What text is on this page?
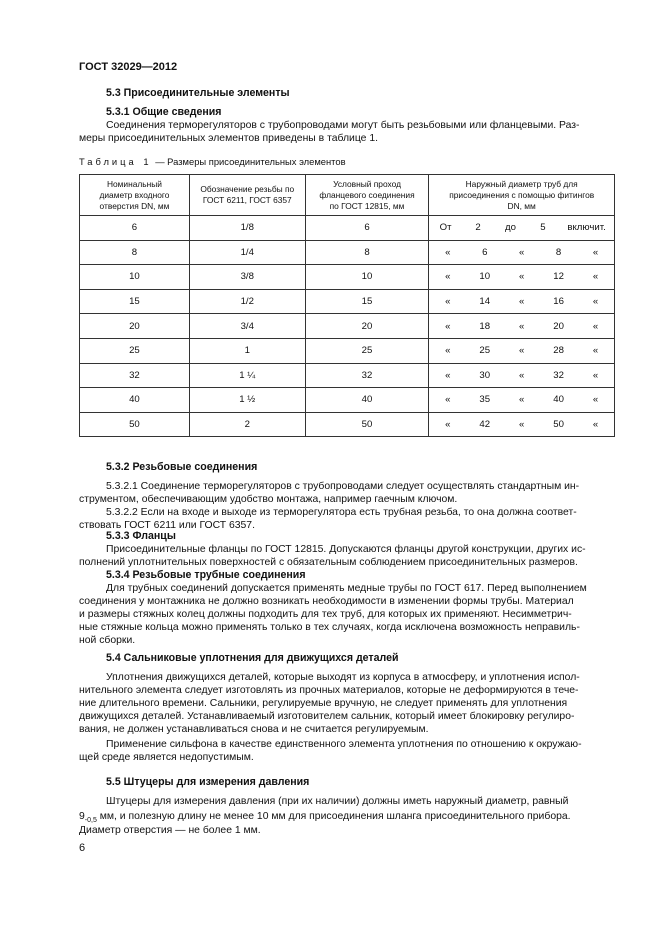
ГОСТ 32029—2012
5.3 Присоединительные элементы
5.3.1 Общие сведения
Соединения терморегуляторов с трубопроводами могут быть резьбовыми или фланцевыми. Раз-
меры присоединительных элементов приведены в таблице 1.
Таблица 1 — Размеры присоединительных элементов
Номинальный диаметр входного отверстия DN, мм	Обозначение резьбы по ГОСТ 6211, ГОСТ 6357	Условный проход фланцевого соединения по ГОСТ 12815, мм	Наружный диаметр труб для присоединения с помощью фитингов DN, мм
6	1/8	6	От 2 до 5 включит.

8	1/4	8	« 6 « 8 «

10	3/8	10	« 10 « 12 «

15	1/2	15	« 14 « 16 «

20	3/4	20	« 18 « 20 «

25	1	25	« 25 « 28 «

32	1 ¼	32	« 30 « 32 «

40	1 ½	40	« 35 « 40 «

50	2	50	« 42 « 50 «
5.3.2 Резьбовые соединения
5.3.2.1 Соединение терморегуляторов с трубопроводами следует осуществлять стандартным ин-
струментом, обеспечивающим удобство монтажа, например гаечным ключом.
5.3.2.2 Если на входе и выходе из терморегулятора есть трубная резьба, то она должна соответ-
ствовать ГОСТ 6211 или ГОСТ 6357.
5.3.3 Фланцы
Присоединительные фланцы по ГОСТ 12815. Допускаются фланцы другой конструкции, других ис-
полнений уплотнительных поверхностей с обязательным соблюдением присоединительных размеров.
5.3.4 Резьбовые трубные соединения
Для трубных соединений допускается применять медные трубы по ГОСТ 617. Перед выполнением
соединения у монтажника не должно возникать необходимости в изменении формы трубы. Материал
и размеры стяжных колец должны подходить для тех труб, для которых их применяют. Несимметрич-
ные стяжные кольца можно применять только в тех случаях, когда исключена возможность неправиль-
ной сборки.
5.4 Сальниковые уплотнения для движущихся деталей
Уплотнения движущихся деталей, которые выходят из корпуса в атмосферу, и уплотнения испол-
нительного элемента следует изготовлять из прочных материалов, которые не деформируются в тече-
ние длительного времени. Сальники, регулируемые вручную, не следует применять для уплотнения
движущихся деталей. Устанавливаемый изготовителем сальник, который имеет блокировку регулиро-
вания, не должен устанавливаться снова и не считается регулируемым.
Применение сильфона в качестве единственного элемента уплотнения по отношению к окружаю-
щей среде является недопустимым.
5.5 Штуцеры для измерения давления
Штуцеры для измерения давления (при их наличии) должны иметь наружный диаметр, равный
$9_{-0,5}$ мм, и полезную длину не менее 10 мм для присоединения шланга присоединительного прибора.
Диаметр отверстия — не более 1 мм.
6
